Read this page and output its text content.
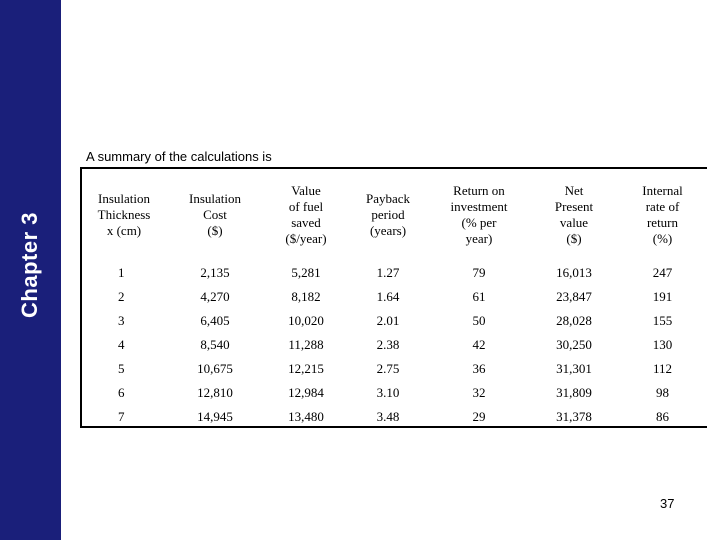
Chapter 3
A summary of the calculations is
Insulation
Thickness
x (cm)	Insulation
Cost
($)	Value
of fuel
saved
($/year)	Payback
period
(years)	Return on
investment
(% per
year)	Net
Present
value
($)	Internal
rate of
return
(%)
1	2,135	5,281	1.27	79	16,013	247
2	4,270	8,182	1.64	61	23,847	191
3	6,405	10,020	2.01	50	28,028	155
4	8,540	11,288	2.38	42	30,250	130
5	10,675	12,215	2.75	36	31,301	112
6	12,810	12,984	3.10	32	31,809	98
7	14,945	13,480	3.48	29	31,378	86
37
